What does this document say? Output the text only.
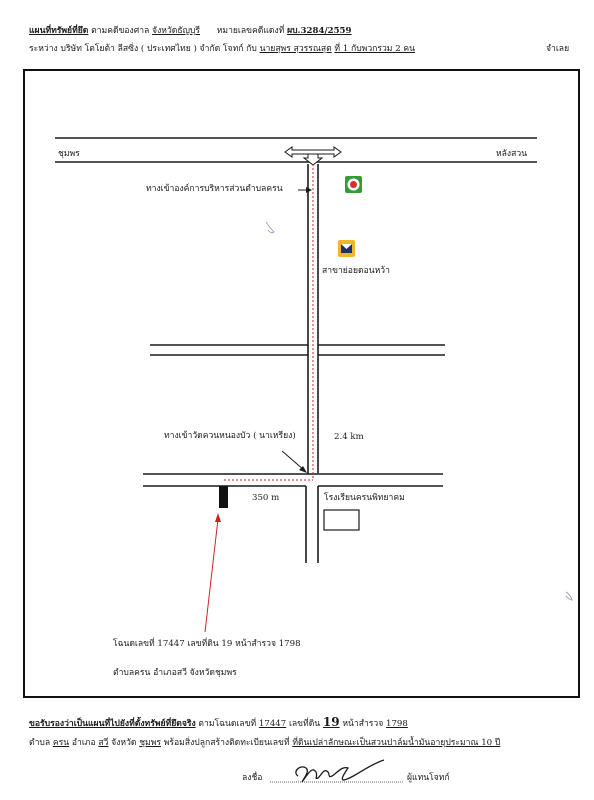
แผนที่ทรัพย์ที่ยึด ตามคดีของศาล จังหวัดธัญบุรี หมายเลขคดีแดงที่ ผบ.3284/2559
ระหว่าง บริษัท โตโยต้า ลีสซิ่ง ( ประเทศไทย ) จำกัด โจทก์ กับ นายสุพร สุวรรณสุต ที่ 1 กับพวกรวม 2 คน	จำเลย
ชุมพร	หลังสวน
ทางเข้าองค์การบริหารส่วนตำบลครน
สาขาย่อยดอนหว้า
ทางเข้าวัดควนหนองบัว ( นาเหรียง)	2.4 km
350 m	โรงเรียนครนพิทยาคม
โฉนดเลขที่ 17447 เลขที่ดิน 19 หน้าสำรวจ 1798
ตำบลครน อำเภอสวี จังหวัดชุมพร
ขอรับรองว่าเป็นแผนที่ไปยังที่ตั้งทรัพย์ที่ยึดจริง ตามโฉนดเลขที่ 17447 เลขที่ดิน 19 หน้าสำรวจ 1798
ตำบล ครน อำเภอ สวี จังหวัด ชุมพร พร้อมสิ่งปลูกสร้างติดทะเบียนเลขที่ ที่ดินเปล่าลักษณะเป็นสวนปาล์มน้ำมันอายุประมาณ 10 ปี
ลงชื่อ	ผู้แทนโจทก์
